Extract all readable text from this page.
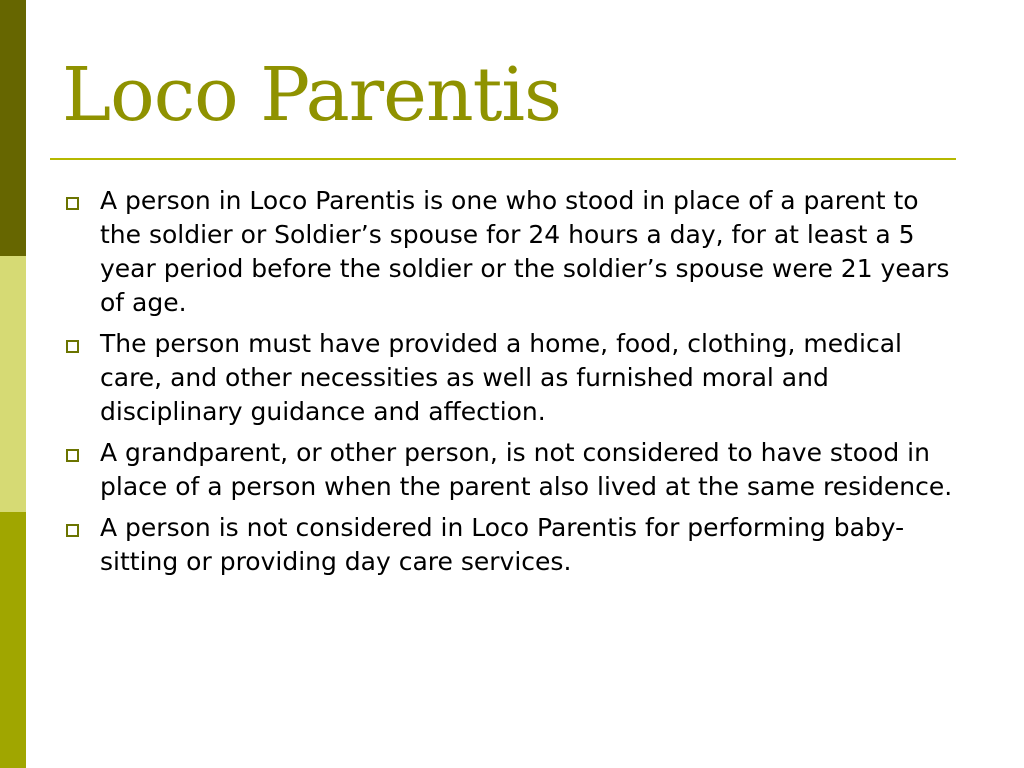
Loco Parentis
A person in Loco Parentis is one who stood in place of a parent to the soldier or Soldier’s spouse for 24 hours a day, for at least a 5 year period before the soldier or the soldier’s spouse were 21 years of age.
The person must have provided a home, food, clothing, medical care, and other necessities as well as furnished moral and disciplinary guidance and affection.
A grandparent, or other person, is not considered to have stood in place of a person when the parent also lived at the same residence.
A person is not considered in Loco Parentis for performing baby-sitting or providing day care services.
